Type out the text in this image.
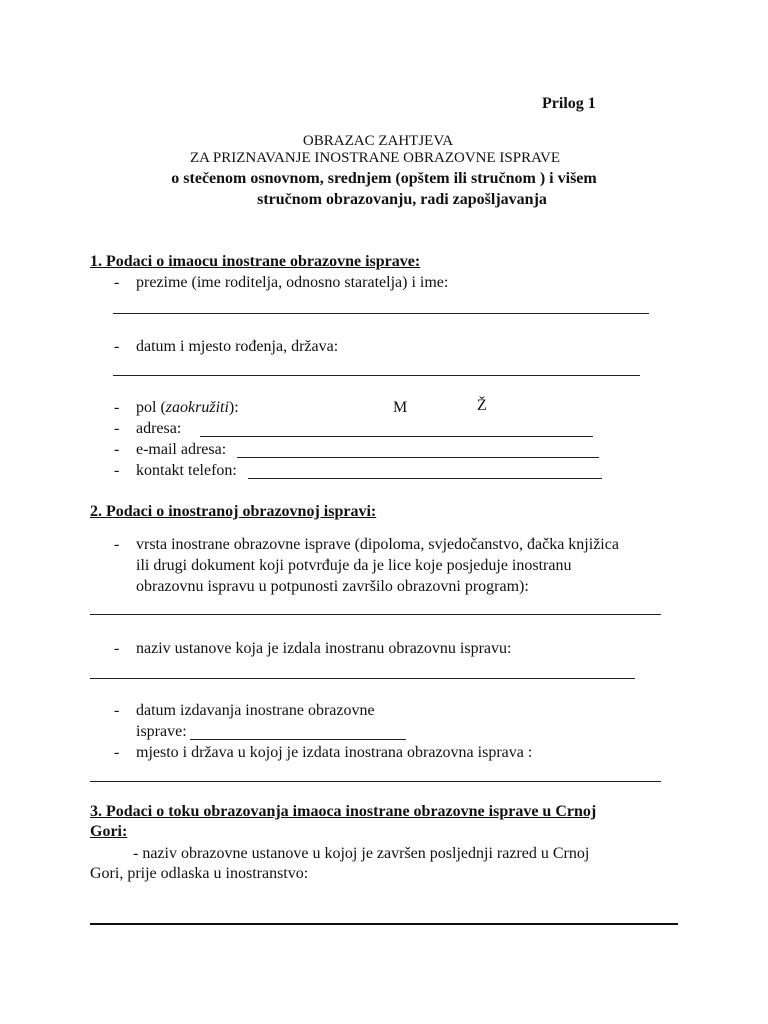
Prilog 1
OBRAZAC ZAHTJEVA
ZA PRIZNAVANJE INOSTRANE OBRAZOVNE ISPRAVE
o stečenom osnovnom, srednjem (opštem ili stručnom ) i višem
stručnom obrazovanju, radi zapošljavanja
1. Podaci o imaocu inostrane obrazovne isprave:
- prezime (ime roditelja, odnosno staratelja) i ime:
- datum i mjesto rođenja, država:
- pol (zaokružiti):	M	Ž
- adresa:
- e-mail adresa:
- kontakt telefon:
2. Podaci o inostranoj obrazovnoj ispravi:
- vrsta inostrane obrazovne isprave (dipoloma, svjedočanstvo, đačka knjižica
ili drugi dokument koji potvrđuje da je lice koje posjeduje inostranu
obrazovnu ispravu u potpunosti završilo obrazovni program):
- naziv ustanove koja je izdala inostranu obrazovnu ispravu:
- datum izdavanja inostrane obrazovne
isprave:
- mjesto i država u kojoj je izdata inostrana obrazovna isprava :
3. Podaci o toku obrazovanja imaoca inostrane obrazovne isprave u Crnoj
Gori:
- naziv obrazovne ustanove u kojoj je završen posljednji razred u Crnoj
Gori, prije odlaska u inostranstvo:
